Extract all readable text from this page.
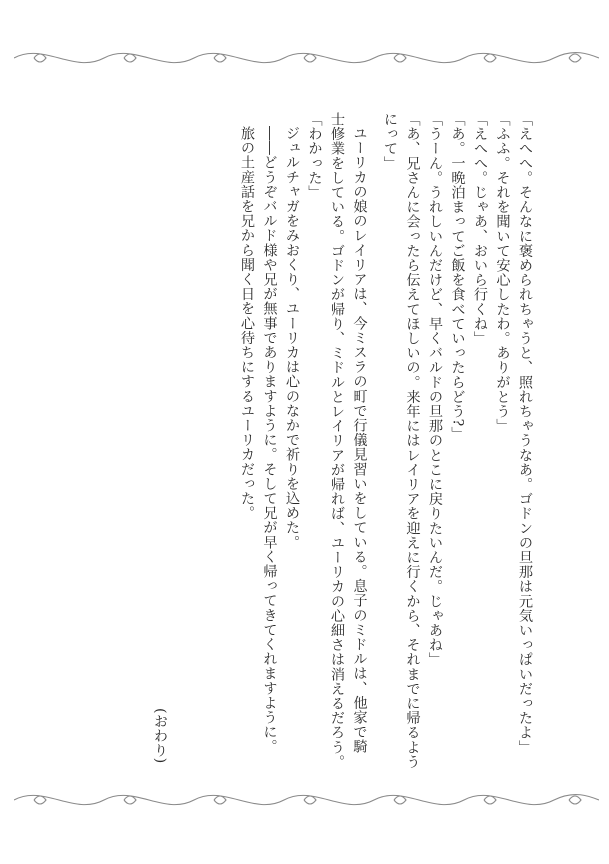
「えへへ。そんなに褒められちゃうと、照れちゃうなあ。ゴドンの旦那は元気いっぱいだったよ」
「ふふ。それを聞いて安心したわ。ありがとう」
「えへへ。じゃあ、おいら行くね」
「あ。一晩泊まってご飯を食べていったらどう?」
「うーん。うれしいんだけど、早くバルドの旦那のとこに戻りたいんだ。じゃあね」
「あ、兄さんに会ったら伝えてほしいの。来年にはレイリアを迎えに行くから、それまでに帰るよう
にって」
ユーリカの娘のレイリアは、今ミスラの町で行儀見習いをしている。息子のミドルは、他家で騎
士修業をしている。ゴドンが帰り、ミドルとレイリアが帰れば、ユーリカの心細さは消えるだろう。
「わかった」
ジュルチャガをみおくり、ユーリカは心のなかで祈りを込めた。
――どうぞバルド様や兄が無事でありますように。そして兄が早く帰ってきてくれますように。
旅の土産話を兄から聞く日を心待ちにするユーリカだった。
(おわり)
